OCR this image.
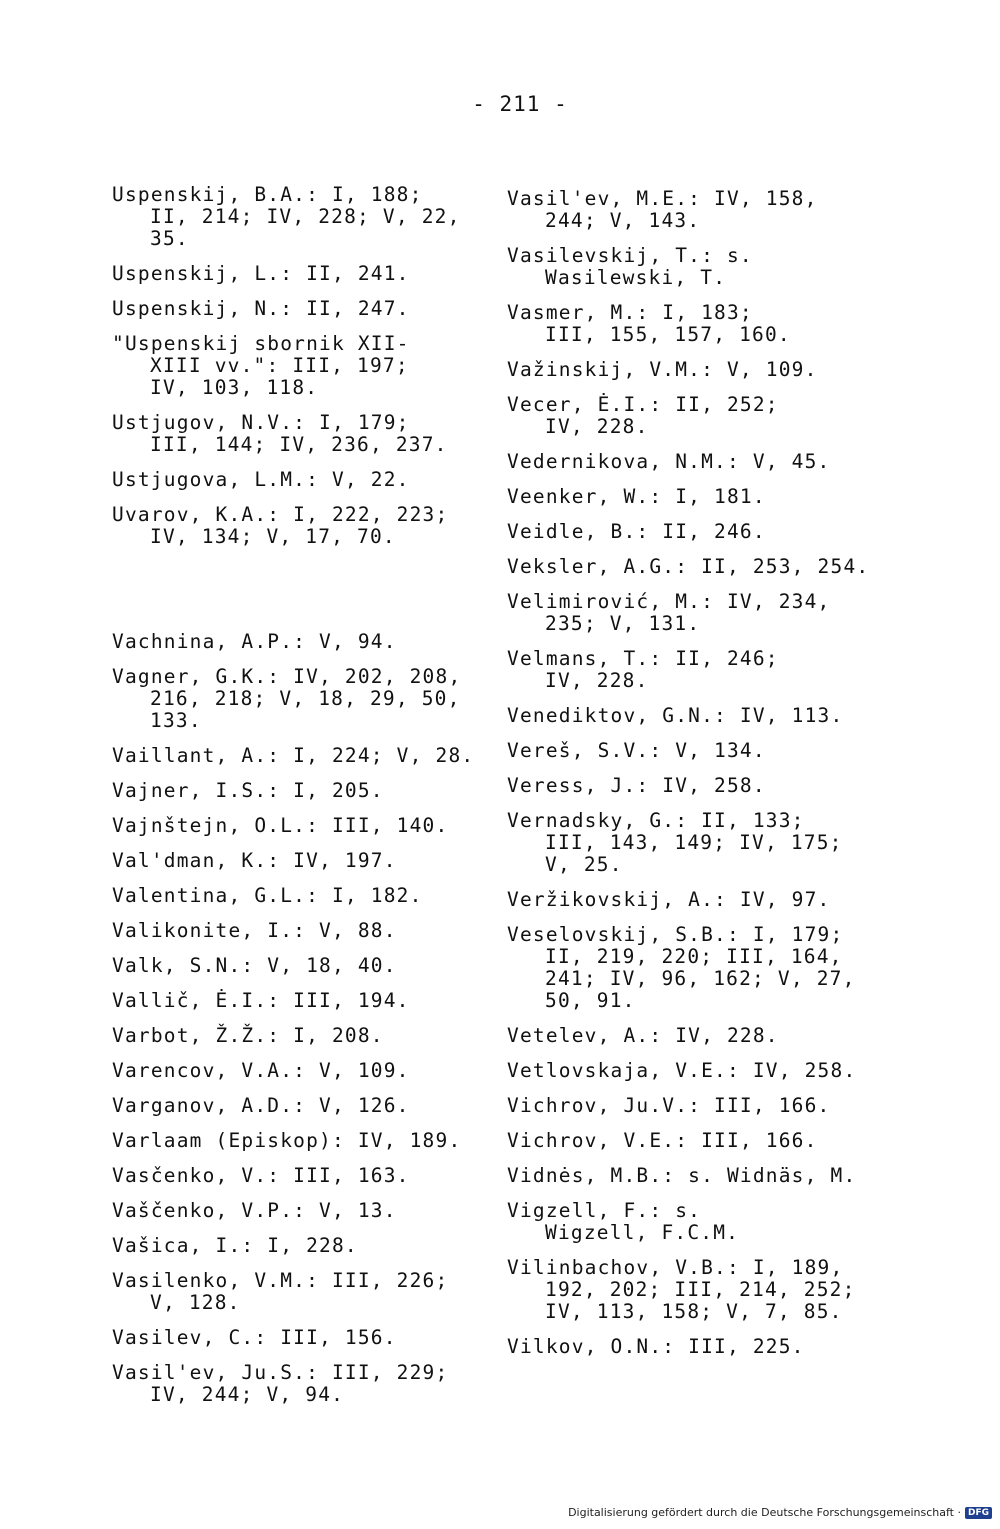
- 211 -
Uspenskij, B.A.: I, 188;
II, 214; IV, 228; V, 22,
35.
Uspenskij, L.: II, 241.
Uspenskij, N.: II, 247.
"Uspenskij sbornik XII-
XIII vv.": III, 197;
IV, 103, 118.
Ustjugov, N.V.: I, 179;
III, 144; IV, 236, 237.
Ustjugova, L.M.: V, 22.
Uvarov, K.A.: I, 222, 223;
IV, 134; V, 17, 70.
Vachnina, A.P.: V, 94.
Vagner, G.K.: IV, 202, 208,
216, 218; V, 18, 29, 50,
133.
Vaillant, A.: I, 224; V, 28.
Vajner, I.S.: I, 205.
Vajnštejn, O.L.: III, 140.
Val'dman, K.: IV, 197.
Valentina, G.L.: I, 182.
Valikonite, I.: V, 88.
Valk, S.N.: V, 18, 40.
Vallič, Ė.I.: III, 194.
Varbot, Ž.Ž.: I, 208.
Varencov, V.A.: V, 109.
Varganov, A.D.: V, 126.
Varlaam (Episkop): IV, 189.
Vasčenko, V.: III, 163.
Vaščenko, V.P.: V, 13.
Vašica, I.: I, 228.
Vasilenko, V.M.: III, 226;
V, 128.
Vasilev, C.: III, 156.
Vasil'ev, Ju.S.: III, 229;
IV, 244; V, 94.
Vasil'ev, M.E.: IV, 158,
244; V, 143.
Vasilevskij, T.: s.
Wasilewski, T.
Vasmer, M.: I, 183;
III, 155, 157, 160.
Važinskij, V.M.: V, 109.
Vecer, Ė.I.: II, 252;
IV, 228.
Vedernikova, N.M.: V, 45.
Veenker, W.: I, 181.
Veidle, B.: II, 246.
Veksler, A.G.: II, 253, 254.
Velimirović, M.: IV, 234,
235; V, 131.
Velmans, T.: II, 246;
IV, 228.
Venediktov, G.N.: IV, 113.
Vereš, S.V.: V, 134.
Veress, J.: IV, 258.
Vernadsky, G.: II, 133;
III, 143, 149; IV, 175;
V, 25.
Veržikovskij, A.: IV, 97.
Veselovskij, S.B.: I, 179;
II, 219, 220; III, 164,
241; IV, 96, 162; V, 27,
50, 91.
Vetelev, A.: IV, 228.
Vetlovskaja, V.E.: IV, 258.
Vichrov, Ju.V.: III, 166.
Vichrov, V.E.: III, 166.
Vidnės, M.B.: s. Widnäs, M.
Vigzell, F.: s.
Wigzell, F.C.M.
Vilinbachov, V.B.: I, 189,
192, 202; III, 214, 252;
IV, 113, 158; V, 7, 85.
Vilkov, O.N.: III, 225.
Digitalisierung gefördert durch die Deutsche Forschungsgemeinschaft · DFG
